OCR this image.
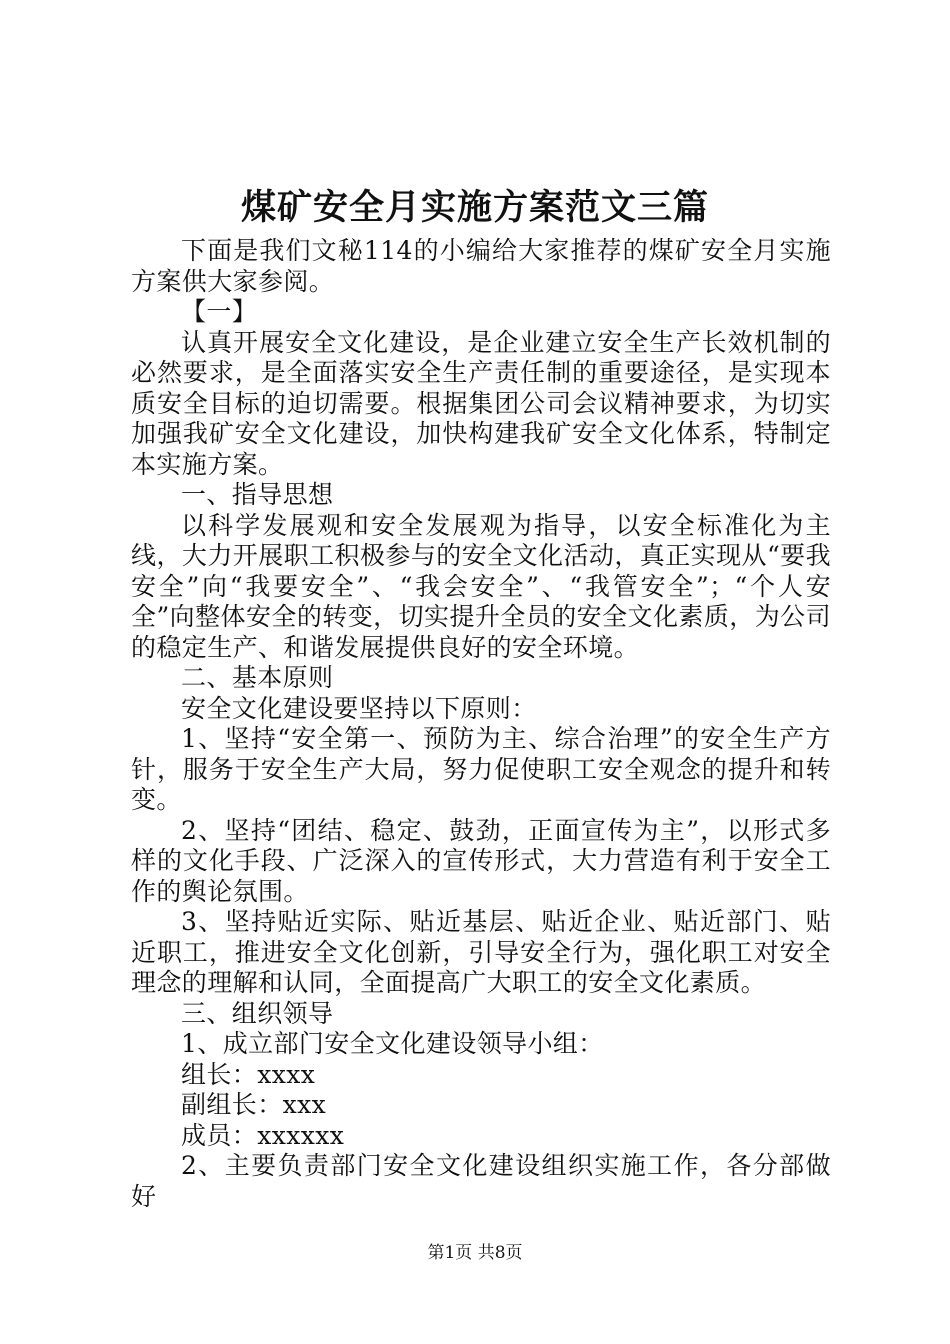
煤矿安全月实施方案范文三篇

下面是我们文秘114的小编给大家推荐的煤矿安全月实施方案供大家参阅。

【一】

认真开展安全文化建设，是企业建立安全生产长效机制的必然要求，是全面落实安全生产责任制的重要途径，是实现本质安全目标的迫切需要。根据集团公司会议精神要求，为切实加强我矿安全文化建设，加快构建我矿安全文化体系，特制定本实施方案。

一、指导思想

以科学发展观和安全发展观为指导，以安全标准化为主线，大力开展职工积极参与的安全文化活动，真正实现从“要我安全”向“我要安全”、“我会安全”、“我管安全”；“个人安全”向整体安全的转变，切实提升全员的安全文化素质，为公司的稳定生产、和谐发展提供良好的安全环境。

二、基本原则

安全文化建设要坚持以下原则：

1、坚持“安全第一、预防为主、综合治理”的安全生产方针，服务于安全生产大局，努力促使职工安全观念的提升和转变。

2、坚持“团结、稳定、鼓劲，正面宣传为主”，以形式多样的文化手段、广泛深入的宣传形式，大力营造有利于安全工作的舆论氛围。

3、坚持贴近实际、贴近基层、贴近企业、贴近部门、贴近职工，推进安全文化创新，引导安全行为，强化职工对安全理念的理解和认同，全面提高广大职工的安全文化素质。

三、组织领导

1、成立部门安全文化建设领导小组：

组长：xxxx

副组长：xxx

成员：xxxxxx

2、主要负责部门安全文化建设组织实施工作，各分部做好

第1页 共8页
